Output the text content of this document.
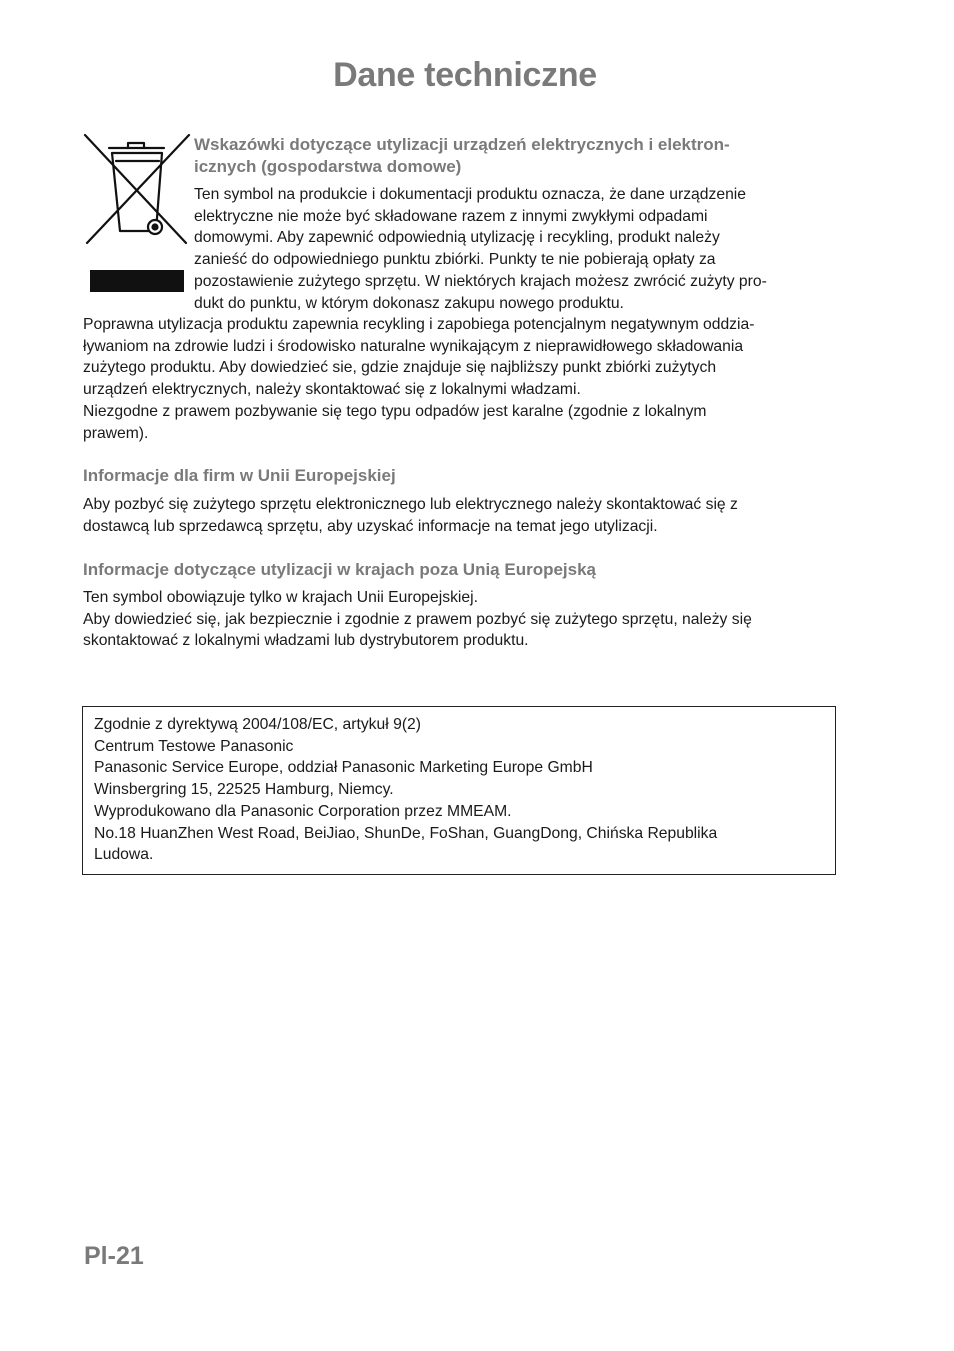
Dane techniczne
Wskazówki dotyczące utylizacji urządzeń elektrycznych i elektron-
icznych (gospodarstwa domowe)
Ten symbol na produkcie i dokumentacji produktu oznacza, że dane urządzenie
elektryczne nie może być składowane razem z innymi zwykłymi odpadami
domowymi. Aby zapewnić odpowiednią utylizację i recykling, produkt należy
zanieść do odpowiedniego punktu zbiórki. Punkty te nie pobierają opłaty za
pozostawienie zużytego sprzętu. W niektórych krajach możesz zwrócić zużyty pro-
dukt do punktu, w którym dokonasz zakupu nowego produktu.
Poprawna utylizacja produktu zapewnia recykling i zapobiega potencjalnym negatywnym oddzia-
ływaniom na zdrowie ludzi i środowisko naturalne wynikającym z nieprawidłowego składowania
zużytego produktu. Aby dowiedzieć sie, gdzie znajduje się najbliższy punkt zbiórki zużytych
urządzeń elektrycznych, należy skontaktować się z lokalnymi władzami.
Niezgodne z prawem pozbywanie się tego typu odpadów jest karalne (zgodnie z lokalnym
prawem).
Informacje dla firm w Unii Europejskiej
Aby pozbyć się zużytego sprzętu elektronicznego lub elektrycznego należy skontaktować się z
dostawcą lub sprzedawcą sprzętu, aby uzyskać informacje na temat jego utylizacji.
Informacje dotyczące utylizacji w krajach poza Unią Europejską
Ten symbol obowiązuje tylko w krajach Unii Europejskiej.
Aby dowiedzieć się, jak bezpiecznie i zgodnie z prawem pozbyć się zużytego sprzętu, należy się
skontaktować z lokalnymi władzami lub dystrybutorem produktu.
Zgodnie z dyrektywą 2004/108/EC, artykuł 9(2)
Centrum Testowe Panasonic
Panasonic Service Europe, oddział Panasonic Marketing Europe GmbH
Winsbergring 15, 22525 Hamburg, Niemcy.
Wyprodukowano dla Panasonic Corporation przez MMEAM.
No.18 HuanZhen West Road, BeiJiao, ShunDe, FoShan, GuangDong, Chińska Republika
Ludowa.
Pl-21
